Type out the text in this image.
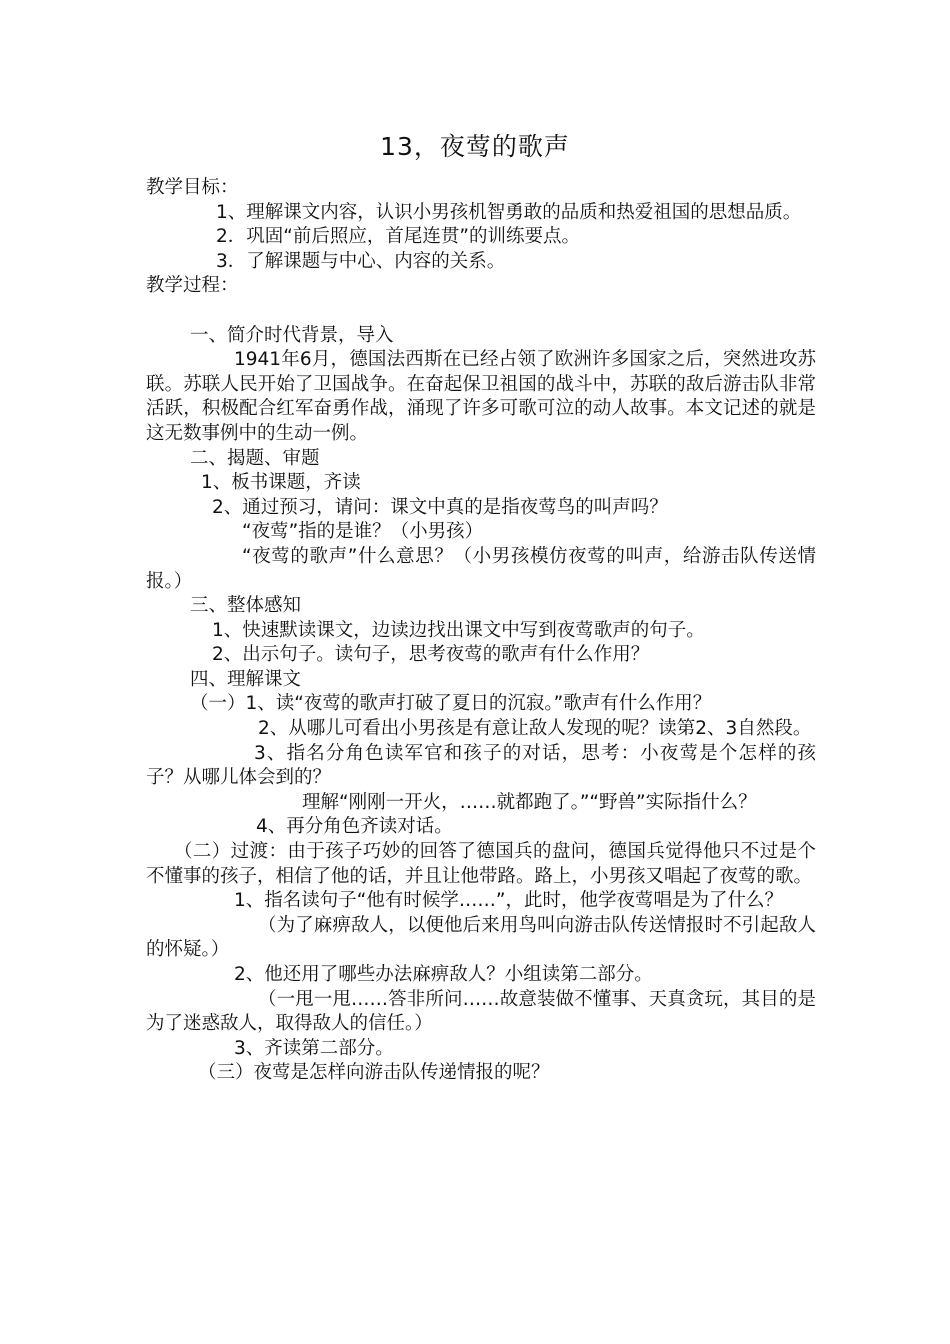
13，夜莺的歌声

教学目标：

1、理解课文内容，认识小男孩机智勇敢的品质和热爱祖国的思想品质。

2．巩固“前后照应，首尾连贯”的训练要点。

3．了解课题与中心、内容的关系。

教学过程：

一、简介时代背景，导入

1941年6月，德国法西斯在已经占领了欧洲许多国家之后，突然进攻苏联。苏联人民开始了卫国战争。在奋起保卫祖国的战斗中，苏联的敌后游击队非常活跃，积极配合红军奋勇作战，涌现了许多可歌可泣的动人故事。本文记述的就是这无数事例中的生动一例。

二、揭题、审题

1、板书课题，齐读

2、通过预习，请问：课文中真的是指夜莺鸟的叫声吗？

“夜莺”指的是谁？（小男孩）

“夜莺的歌声”什么意思？（小男孩模仿夜莺的叫声，给游击队传送情报。）

三、整体感知

1、快速默读课文，边读边找出课文中写到夜莺歌声的句子。

2、出示句子。读句子，思考夜莺的歌声有什么作用？

四、理解课文

（一）1、读“夜莺的歌声打破了夏日的沉寂。”歌声有什么作用？

2、从哪儿可看出小男孩是有意让敌人发现的呢？读第2、3自然段。

3、指名分角色读军官和孩子的对话，思考：小夜莺是个怎样的孩子？从哪儿体会到的？

理解“刚刚一开火，……就都跑了。”“野兽”实际指什么？

4、再分角色齐读对话。

（二）过渡：由于孩子巧妙的回答了德国兵的盘问，德国兵觉得他只不过是个不懂事的孩子，相信了他的话，并且让他带路。路上，小男孩又唱起了夜莺的歌。

1、指名读句子“他有时候学……”，此时，他学夜莺唱是为了什么？

（为了麻痹敌人，以便他后来用鸟叫向游击队传送情报时不引起敌人的怀疑。）

2、他还用了哪些办法麻痹敌人？小组读第二部分。

（一甩一甩……答非所问……故意装做不懂事、天真贪玩，其目的是为了迷惑敌人，取得敌人的信任。）

3、齐读第二部分。

（三）夜莺是怎样向游击队传递情报的呢？
